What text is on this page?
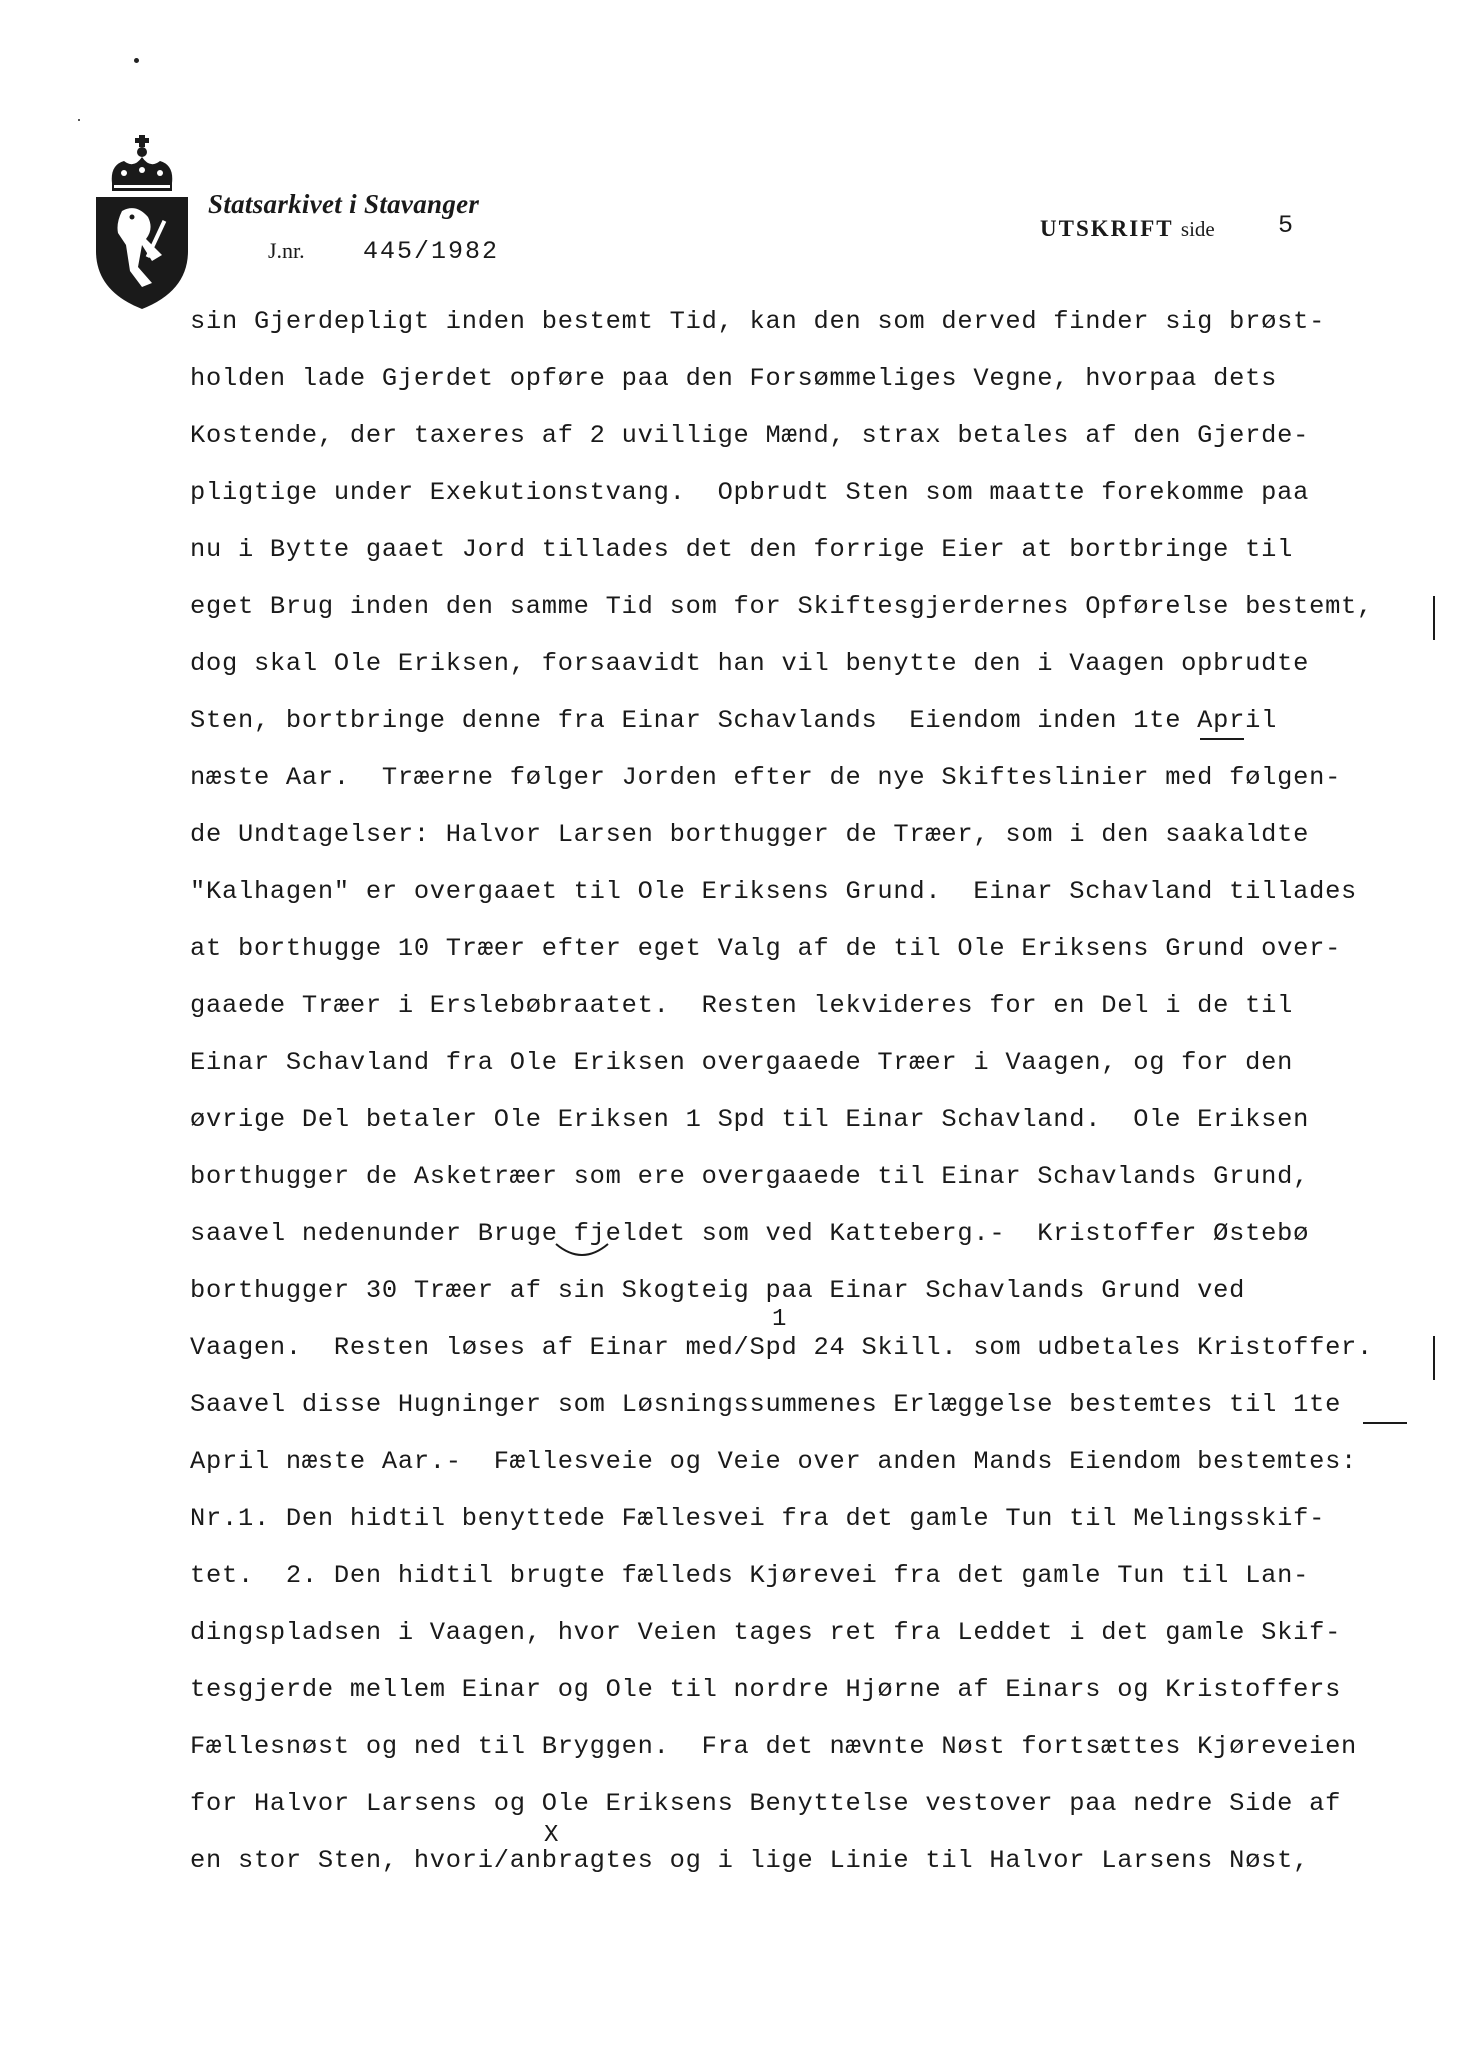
Statsarkivet i Stavanger
J.nr. 445/1982
UTSKRIFT side	5
sin Gjerdepligt inden bestemt Tid, kan den som derved finder sig brøst-
holden lade Gjerdet opføre paa den Forsømmeliges Vegne, hvorpaa dets
Kostende, der taxeres af 2 uvillige Mænd, strax betales af den Gjerde-
pligtige under Exekutionstvang.  Opbrudt Sten som maatte forekomme paa
nu i Bytte gaaet Jord tillades det den forrige Eier at bortbringe til
eget Brug inden den samme Tid som for Skiftesgjerdernes Opførelse bestemt,
dog skal Ole Eriksen, forsaavidt han vil benytte den i Vaagen opbrudte
Sten, bortbringe denne fra Einar Schavlands  Eiendom inden 1te April
næste Aar.  Træerne følger Jorden efter de nye Skifteslinier med følgen-
de Undtagelser: Halvor Larsen borthugger de Træer, som i den saakaldte
"Kalhagen" er overgaaet til Ole Eriksens Grund.  Einar Schavland tillades
at borthugge 10 Træer efter eget Valg af de til Ole Eriksens Grund over-
gaaede Træer i Erslebøbraatet.  Resten lekvideres for en Del i de til
Einar Schavland fra Ole Eriksen overgaaede Træer i Vaagen, og for den
øvrige Del betaler Ole Eriksen 1 Spd til Einar Schavland.  Ole Eriksen
borthugger de Asketræer som ere overgaaede til Einar Schavlands Grund,
saavel nedenunder Bruge fjeldet som ved Katteberg.-  Kristoffer Østebø
borthugger 30 Træer af sin Skogteig paa Einar Schavlands Grund ved
Vaagen.  Resten løses af Einar med/Spd 24 Skill. som udbetales Kristoffer.
Saavel disse Hugninger som Løsningssummenes Erlæggelse bestemtes til 1te
April næste Aar.-  Fællesveie og Veie over anden Mands Eiendom bestemtes:
Nr.1. Den hidtil benyttede Fællesvei fra det gamle Tun til Melingsskif-
tet.  2. Den hidtil brugte fælleds Kjørevei fra det gamle Tun til Lan-
dingspladsen i Vaagen, hvor Veien tages ret fra Leddet i det gamle Skif-
tesgjerde mellem Einar og Ole til nordre Hjørne af Einars og Kristoffers
Fællesnøst og ned til Bryggen.  Fra det nævnte Nøst fortsættes Kjøreveien
for Halvor Larsens og Ole Eriksens Benyttelse vestover paa nedre Side af
en stor Sten, hvori/anbragtes og i lige Linie til Halvor Larsens Nøst,
1
X
